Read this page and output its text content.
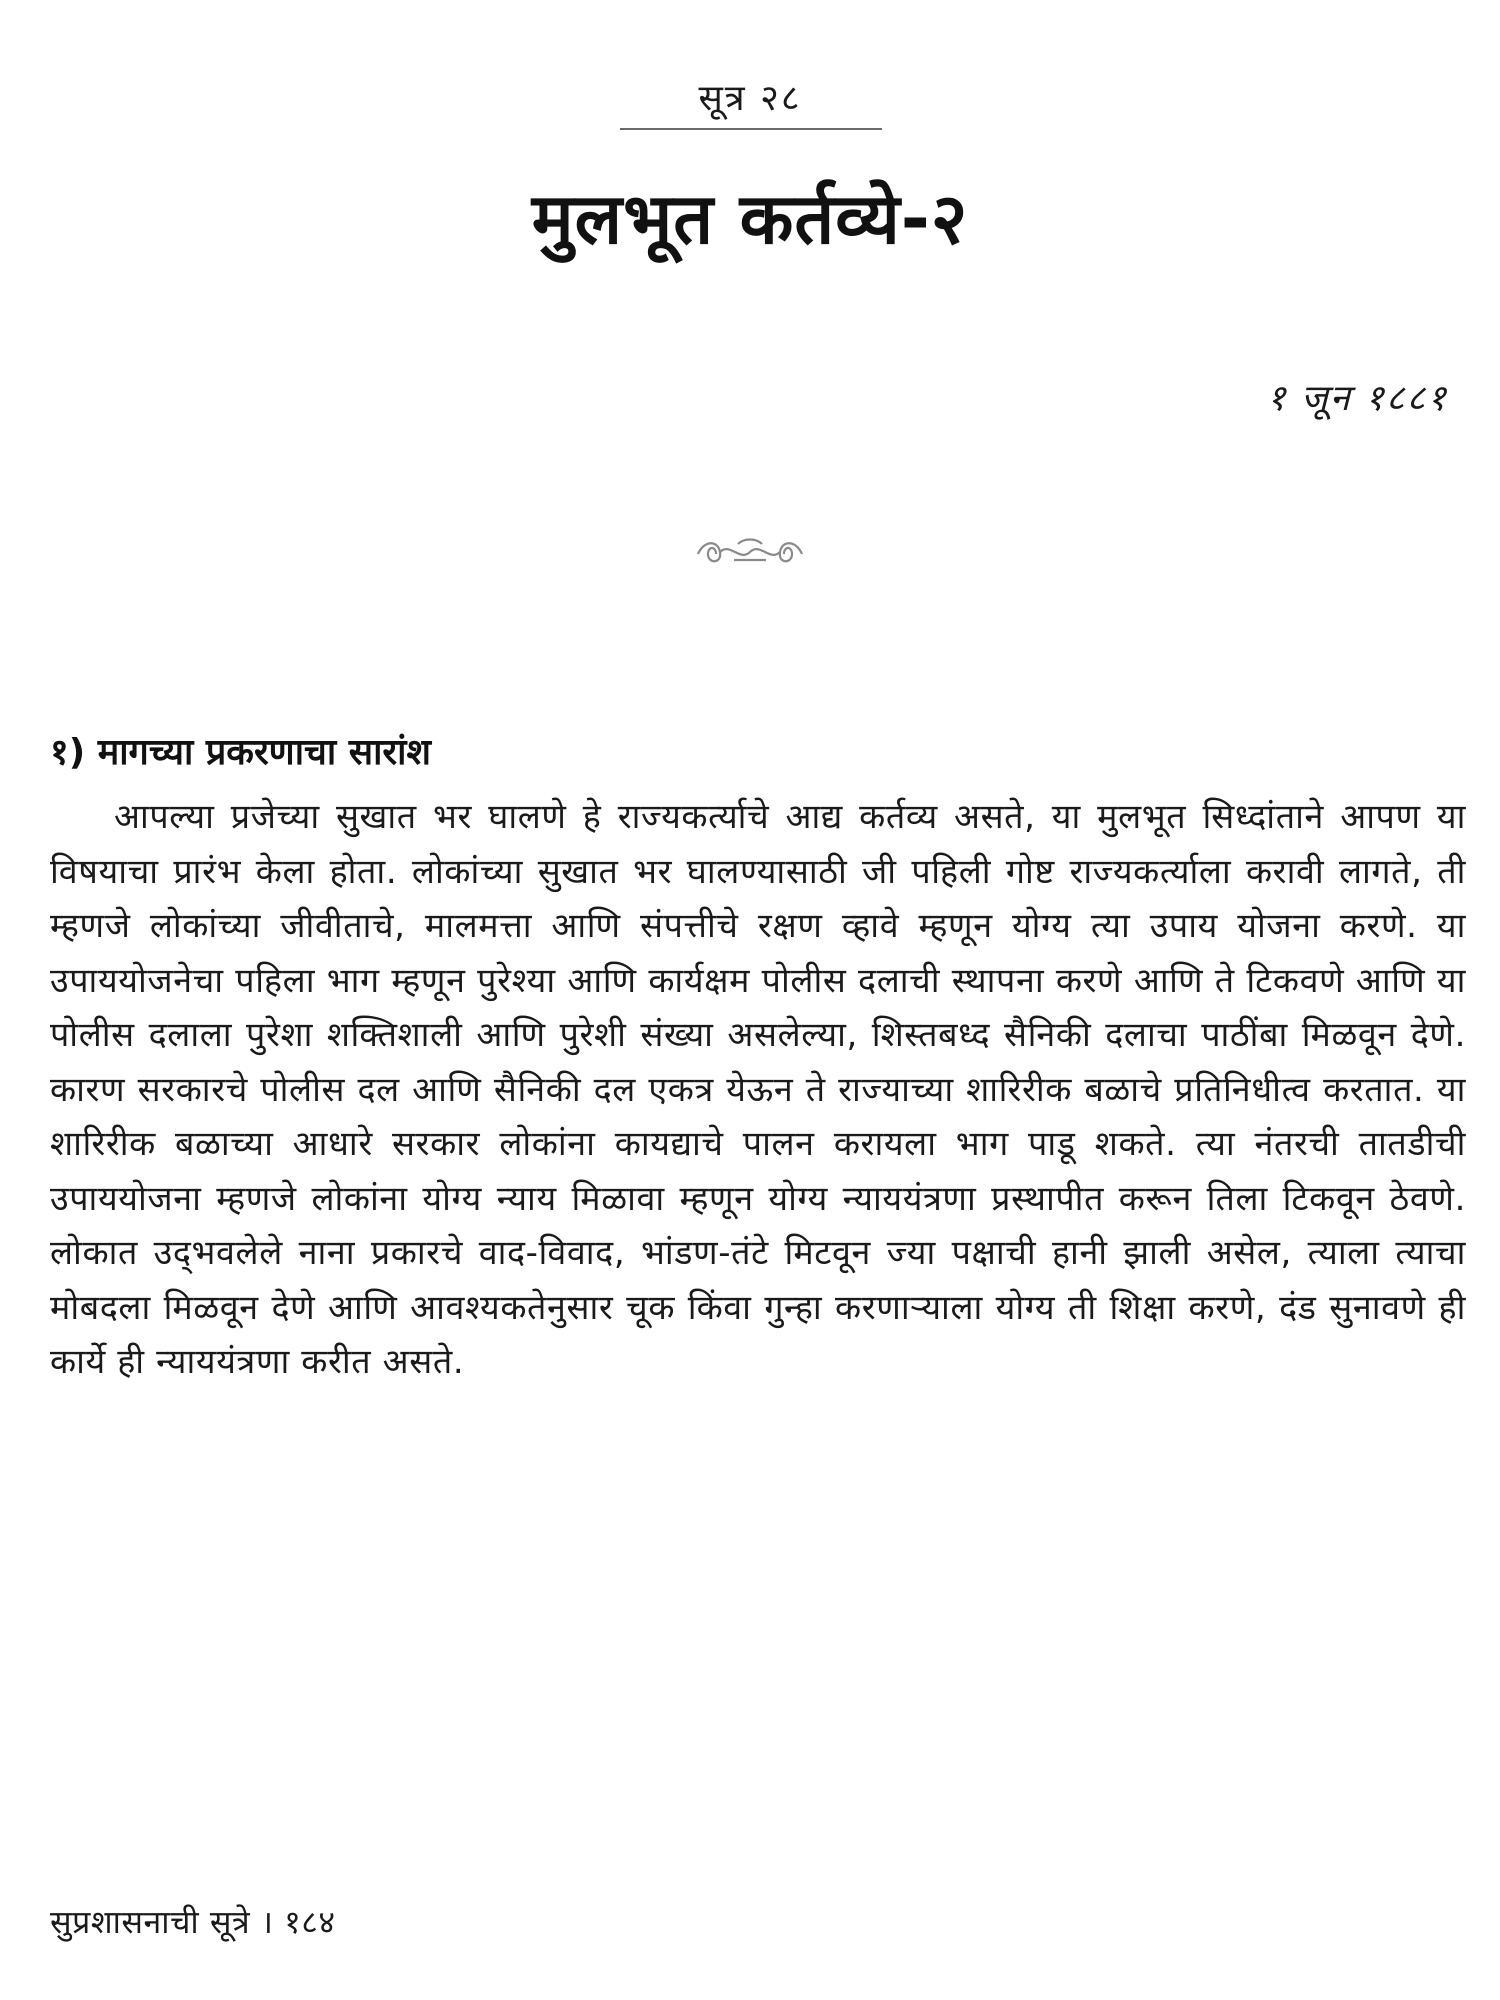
सूत्र २८
मुलभूत कर्तव्ये-२
१ जून १८८१
१) मागच्या प्रकरणाचा सारांश

आपल्या प्रजेच्या सुखात भर घालणे हे राज्यकर्त्याचे आद्य कर्तव्य असते, या मुलभूत सिध्दांताने आपण या विषयाचा प्रारंभ केला होता. लोकांच्या सुखात भर घालण्यासाठी जी पहिली गोष्ट राज्यकर्त्याला करावी लागते, ती म्हणजे लोकांच्या जीवीताचे, मालमत्ता आणि संपत्तीचे रक्षण व्हावे म्हणून योग्य त्या उपाय योजना करणे. या उपाययोजनेचा पहिला भाग म्हणून पुरेश्या आणि कार्यक्षम पोलीस दलाची स्थापना करणे आणि ते टिकवणे आणि या पोलीस दलाला पुरेशा शक्तिशाली आणि पुरेशी संख्या असलेल्या, शिस्तबध्द सैनिकी दलाचा पाठींबा मिळवून देणे. कारण सरकारचे पोलीस दल आणि सैनिकी दल एकत्र येऊन ते राज्याच्या शारिरीक बळाचे प्रतिनिधीत्व करतात. या शारिरीक बळाच्या आधारे सरकार लोकांना कायद्याचे पालन करायला भाग पाडू शकते. त्या नंतरची तातडीची उपाययोजना म्हणजे लोकांना योग्य न्याय मिळावा म्हणून योग्य न्याययंत्रणा प्रस्थापीत करून तिला टिकवून ठेवणे. लोकात उद्‌भवलेले नाना प्रकारचे वाद-विवाद, भांडण-तंटे मिटवून ज्या पक्षाची हानी झाली असेल, त्याला त्याचा मोबदला मिळवून देणे आणि आवश्यकतेनुसार चूक किंवा गुन्हा करणाऱ्याला योग्य ती शिक्षा करणे, दंड सुनावणे ही कार्ये ही न्याययंत्रणा करीत असते.

सुप्रशासनाची सूत्रे । १८४
